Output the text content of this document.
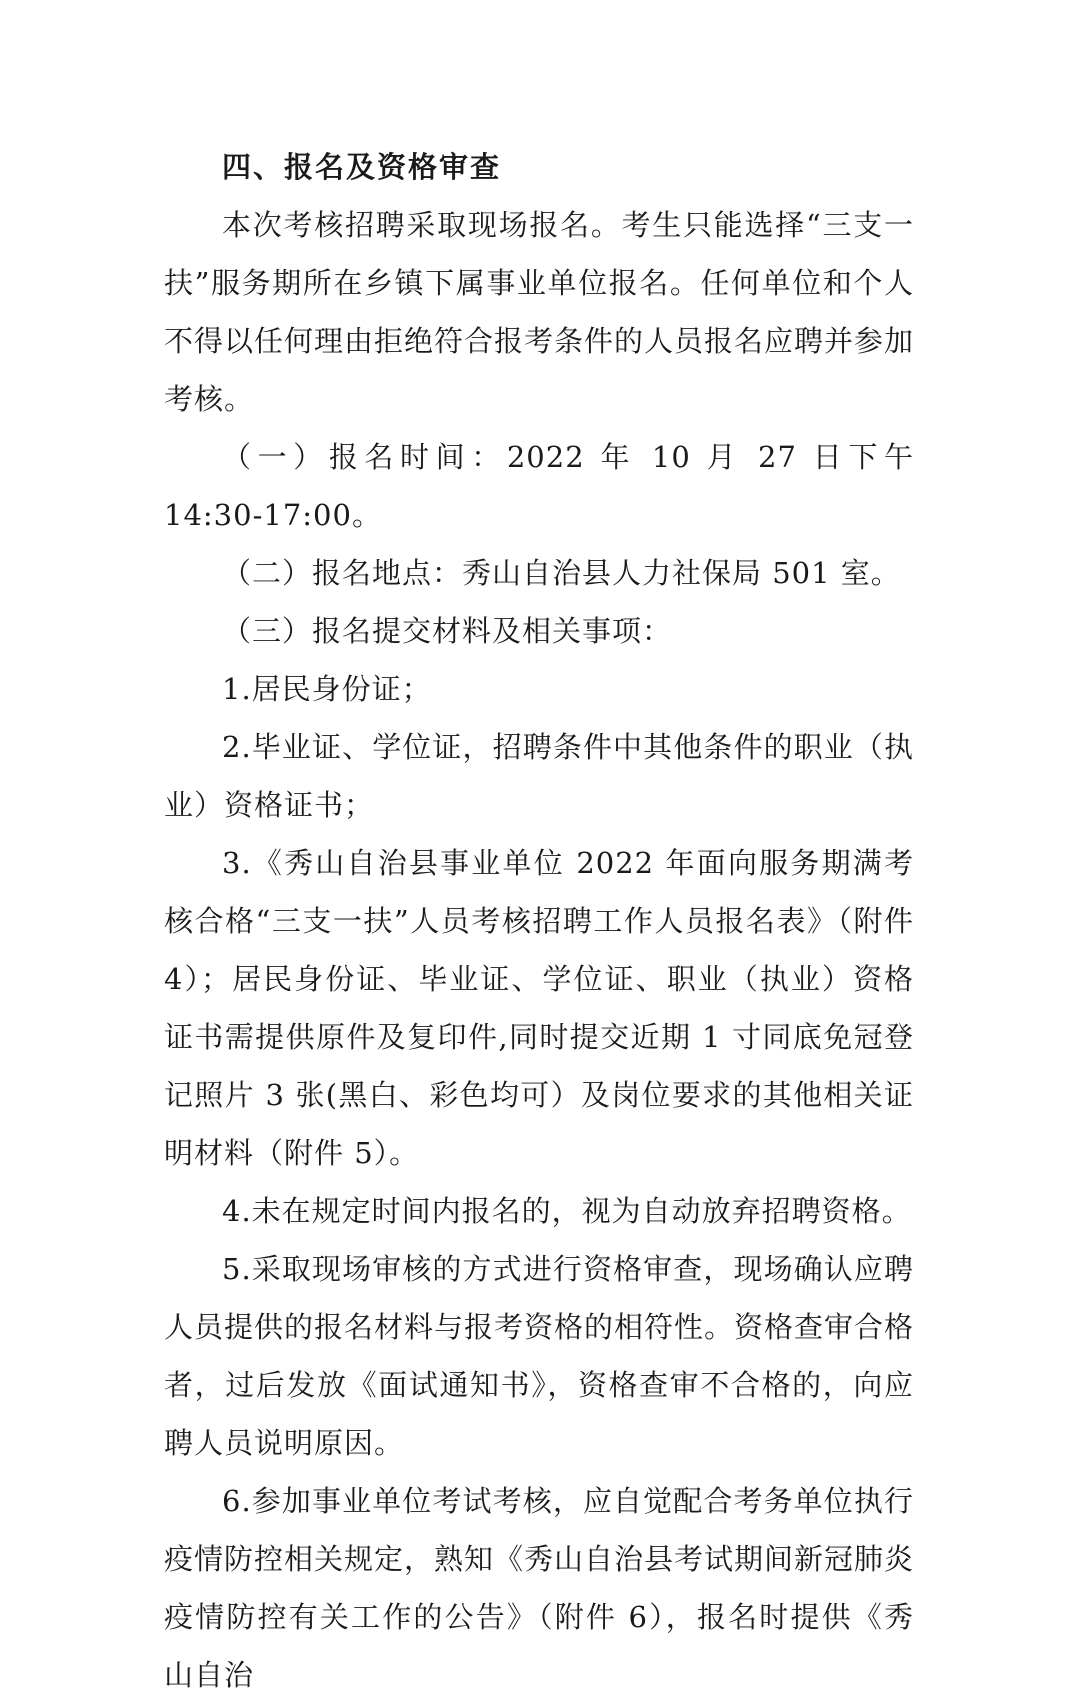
四、报名及资格审查

本次考核招聘采取现场报名。考生只能选择“三支一扶”服务期所在乡镇下属事业单位报名。任何单位和个人不得以任何理由拒绝符合报考条件的人员报名应聘并参加考核。

（一）报名时间：2022 年 10 月 27 日下午 14:30-17:00。

（二）报名地点：秀山自治县人力社保局 501 室。

（三）报名提交材料及相关事项：

1.居民身份证；

2.毕业证、学位证，招聘条件中其他条件的职业（执业）资格证书；

3.《秀山自治县事业单位 2022 年面向服务期满考核合格“三支一扶”人员考核招聘工作人员报名表》（附件 4）；居民身份证、毕业证、学位证、职业（执业）资格证书需提供原件及复印件,同时提交近期 1 寸同底免冠登记照片 3 张(黑白、彩色均可）及岗位要求的其他相关证明材料（附件 5）。

4.未在规定时间内报名的，视为自动放弃招聘资格。

5.采取现场审核的方式进行资格审查，现场确认应聘人员提供的报名材料与报考资格的相符性。资格查审合格者，过后发放《面试通知书》，资格查审不合格的，向应聘人员说明原因。

6.参加事业单位考试考核，应自觉配合考务单位执行疫情防控相关规定，熟知《秀山自治县考试期间新冠肺炎疫情防控有关工作的公告》（附件 6），报名时提供《秀山自治
